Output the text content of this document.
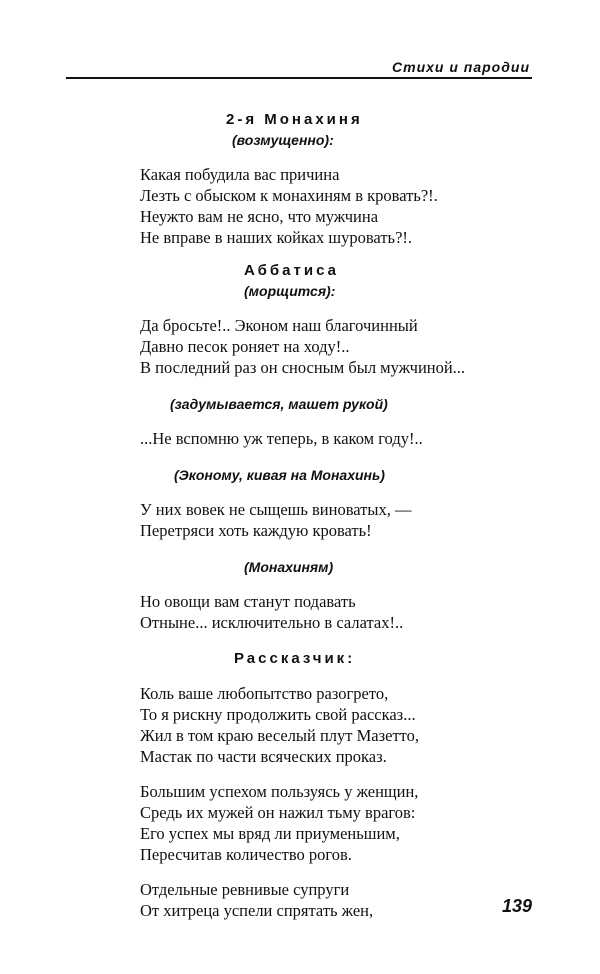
Стихи и пародии
2-я Монахиня
(возмущенно):
Какая побудила вас причина
Лезть с обыском к монахиням в кровать?!.
Неужто вам не ясно, что мужчина
Не вправе в наших койках шуровать?!.
Аббатиса
(морщится):
Да бросьте!.. Эконом наш благочинный
Давно песок роняет на ходу!..
В последний раз он сносным был мужчиной...
(задумывается, машет рукой)
...Не вспомню уж теперь, в каком году!..
(Эконому, кивая на Монахинь)
У них вовек не сыщешь виноватых, —
Перетряси хоть каждую кровать!
(Монахиням)
Но овощи вам станут подавать
Отныне... исключительно в салатах!..
Рассказчик:
Коль ваше любопытство разогрето,
То я рискну продолжить свой рассказ...
Жил в том краю веселый плут Мазетто,
Мастак по части всяческих проказ.
Большим успехом пользуясь у женщин,
Средь их мужей он нажил тьму врагов:
Его успех мы вряд ли приуменьшим,
Пересчитав количество рогов.
Отдельные ревнивые супруги
От хитреца успели спрятать жен,	139
